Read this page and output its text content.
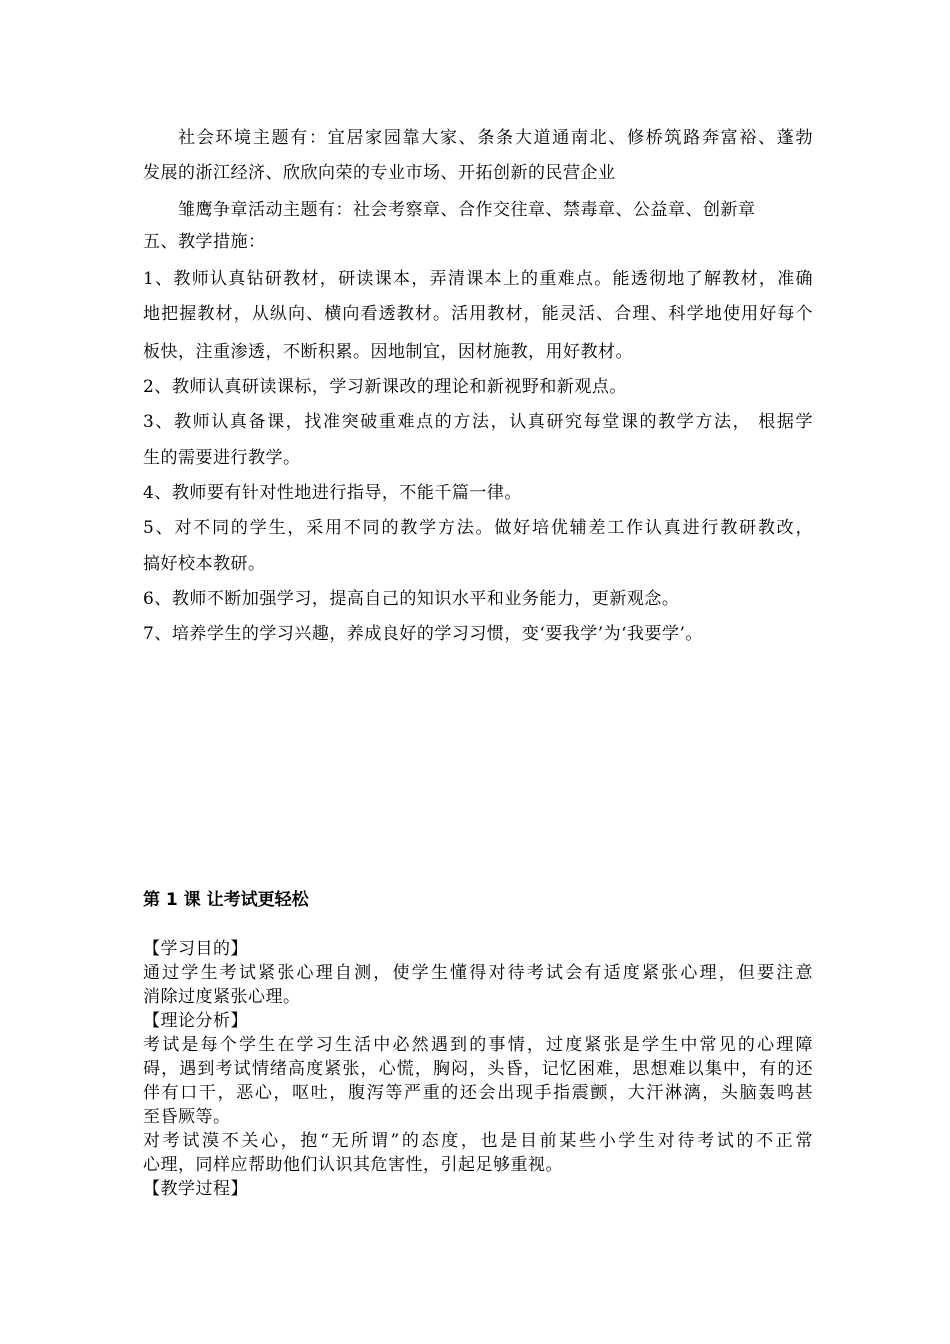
社会环境主题有：宜居家园靠大家、条条大道通南北、修桥筑路奔富裕、蓬勃
发展的浙江经济、欣欣向荣的专业市场、开拓创新的民营企业
雏鹰争章活动主题有：社会考察章、合作交往章、禁毒章、公益章、创新章
五、教学措施：
1、教师认真钻研教材，研读课本，弄清课本上的重难点。能透彻地了解教材，准确
地把握教材，从纵向、横向看透教材。活用教材，能灵活、合理、科学地使用好每个
板快，注重渗透，不断积累。因地制宜，因材施教，用好教材。
2、教师认真研读课标，学习新课改的理论和新视野和新观点。
3、教师认真备课，找准突破重难点的方法，认真研究每堂课的教学方法， 根据学
生的需要进行教学。
4、教师要有针对性地进行指导，不能千篇一律。
5、对不同的学生，采用不同的教学方法。做好培优辅差工作认真进行教研教改，
搞好校本教研。
6、教师不断加强学习，提高自己的知识水平和业务能力，更新观念。
7、培养学生的学习兴趣，养成良好的学习习惯，变‘要我学’为‘我要学’。
第 1 课 让考试更轻松
【学习目的】
通过学生考试紧张心理自测，使学生懂得对待考试会有适度紧张心理，但要注意
消除过度紧张心理。
【理论分析】
考试是每个学生在学习生活中必然遇到的事情，过度紧张是学生中常见的心理障
碍，遇到考试情绪高度紧张，心慌，胸闷，头昏，记忆困难，思想难以集中，有的还
伴有口干，恶心，呕吐，腹泻等严重的还会出现手指震颤，大汗淋漓，头脑轰鸣甚
至昏厥等。
对考试漠不关心，抱“无所谓”的态度，也是目前某些小学生对待考试的不正常
心理，同样应帮助他们认识其危害性，引起足够重视。
【教学过程】
